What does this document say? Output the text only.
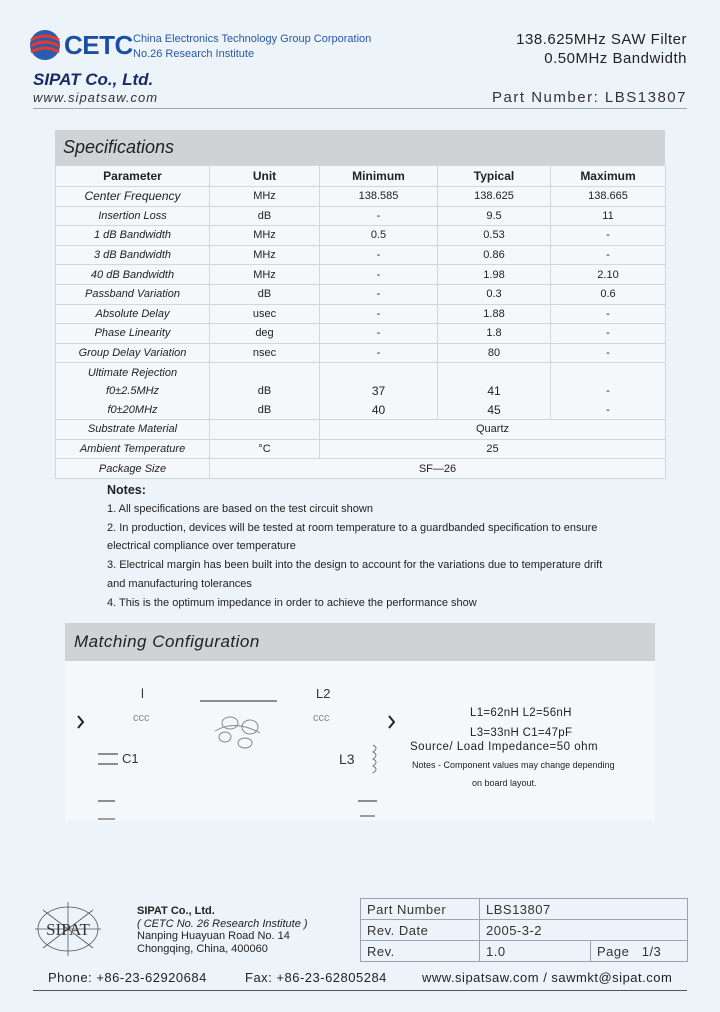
CETC China Electronics Technology Group Corporation
No.26 Research Institute
SIPAT Co., Ltd.
www.sipatsaw.com
138.625MHz SAW Filter
0.50MHz Bandwidth
Part Number: LBS13807
Specifications
Parameter	Unit	Minimum	Typical	Maximum
Center Frequency	MHz	138.585	138.625	138.665
Insertion Loss	dB	-	9.5	11
1 dB Bandwidth	MHz	0.5	0.53	-
3 dB Bandwidth	MHz	-	0.86	-
40 dB Bandwidth	MHz	-	1.98	2.10
Passband Variation	dB	-	0.3	0.6
Absolute Delay	usec	-	1.88	-
Phase Linearity	deg	-	1.8	-
Group Delay Variation	nsec	-	80	-
Ultimate Rejection				
f0±2.5MHz	dB	37	41	-
f0±20MHz	dB	40	45	-
Substrate Material		Quartz		
Ambient Temperature	°C	25		
Package Size	SF—26			
Notes:
1. All specifications are based on the test circuit shown
2. In production, devices will be tested at room temperature to a guardbanded specification to ensure
electrical compliance over temperature
3. Electrical margin has been built into the design to account for the variations due to temperature drift
and manufacturing tolerances
4. This is the optimum impedance in order to achieve the performance show
Matching Configuration
ccc	ccc
l	L2
C1	L3
L1=62nH L2=56nH
L3=33nH C1=47pF
Source/ Load Impedance=50 ohm
Notes - Component values may change depending
on board layout.
SIPAT
SIPAT Co., Ltd.
( CETC No. 26 Research Institute )
Nanping Huayuan Road No. 14
Chongqing, China, 400060
Part Number	LBS13807	
Rev. Date	2005-3-2	
Rev.	1.0	Page 1/3
Phone: +86-23-62920684	Fax: +86-23-62805284	www.sipatsaw.com / sawmkt@sipat.com
